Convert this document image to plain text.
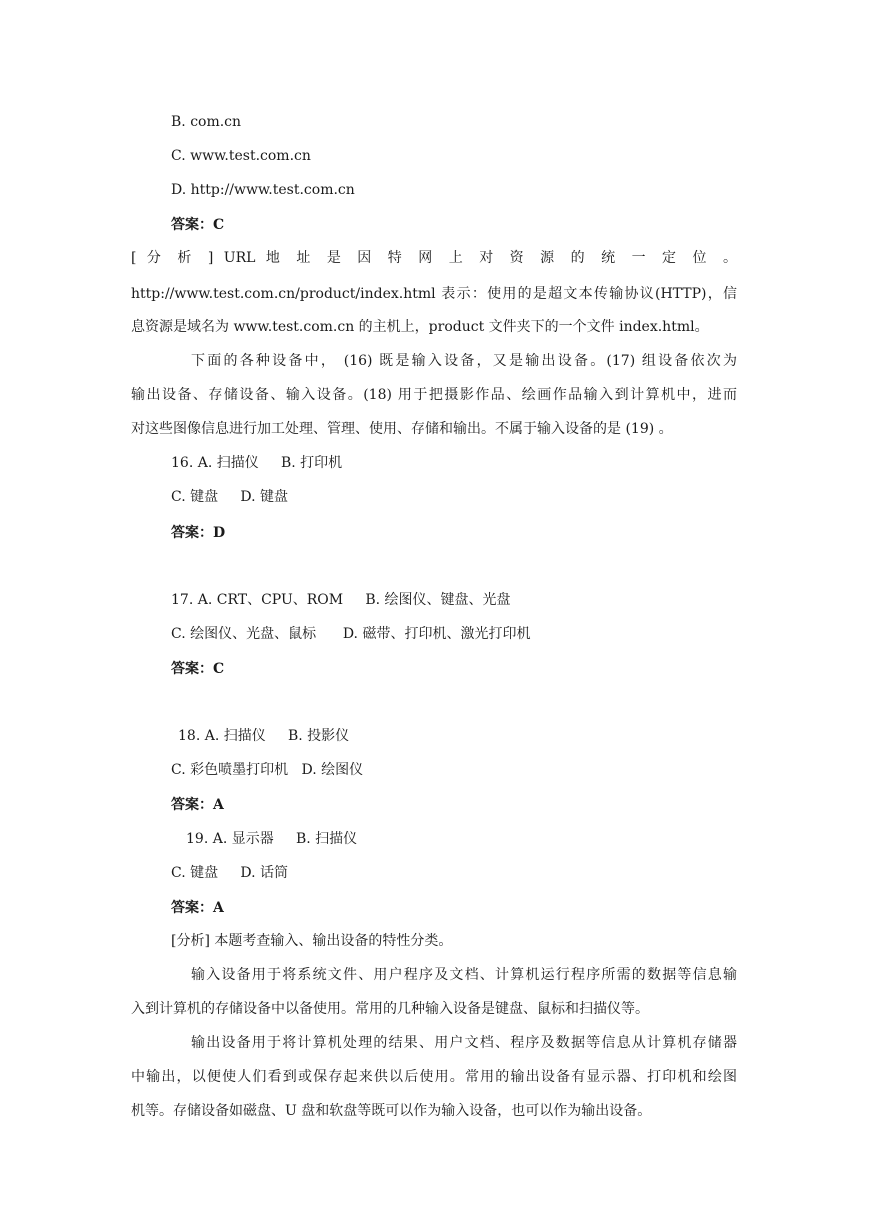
B. com.cn
C. www.test.com.cn
D. http://www.test.com.cn
答案：C
[ 分 析 ] URL 地 址 是 因 特 网 上 对 资 源 的 统 一 定 位 。
http://www.test.com.cn/product/index.html 表示：使用的是超文本传输协议(HTTP)，信
息资源是域名为 www.test.com.cn 的主机上，product 文件夹下的一个文件 index.html。
下面的各种设备中， (16) 既是输入设备，又是输出设备。(17) 组设备依次为
输出设备、存储设备、输入设备。(18) 用于把摄影作品、绘画作品输入到计算机中，进而
对这些图像信息进行加工处理、管理、使用、存储和输出。不属于输入设备的是 (19) 。
16. A. 扫描仪     B. 打印机
C. 键盘     D. 键盘
答案：D
17. A. CRT、CPU、ROM     B. 绘图仪、键盘、光盘
C. 绘图仪、光盘、鼠标      D. 磁带、打印机、激光打印机
答案：C
18. A. 扫描仪     B. 投影仪
C. 彩色喷墨打印机   D. 绘图仪
答案：A
19. A. 显示器     B. 扫描仪
C. 键盘     D. 话筒
答案：A
[分析] 本题考查输入、输出设备的特性分类。
输入设备用于将系统文件、用户程序及文档、计算机运行程序所需的数据等信息输
入到计算机的存储设备中以备使用。常用的几种输入设备是键盘、鼠标和扫描仪等。
输出设备用于将计算机处理的结果、用户文档、程序及数据等信息从计算机存储器
中输出，以便使人们看到或保存起来供以后使用。常用的输出设备有显示器、打印机和绘图
机等。存储设备如磁盘、U 盘和软盘等既可以作为输入设备，也可以作为输出设备。
